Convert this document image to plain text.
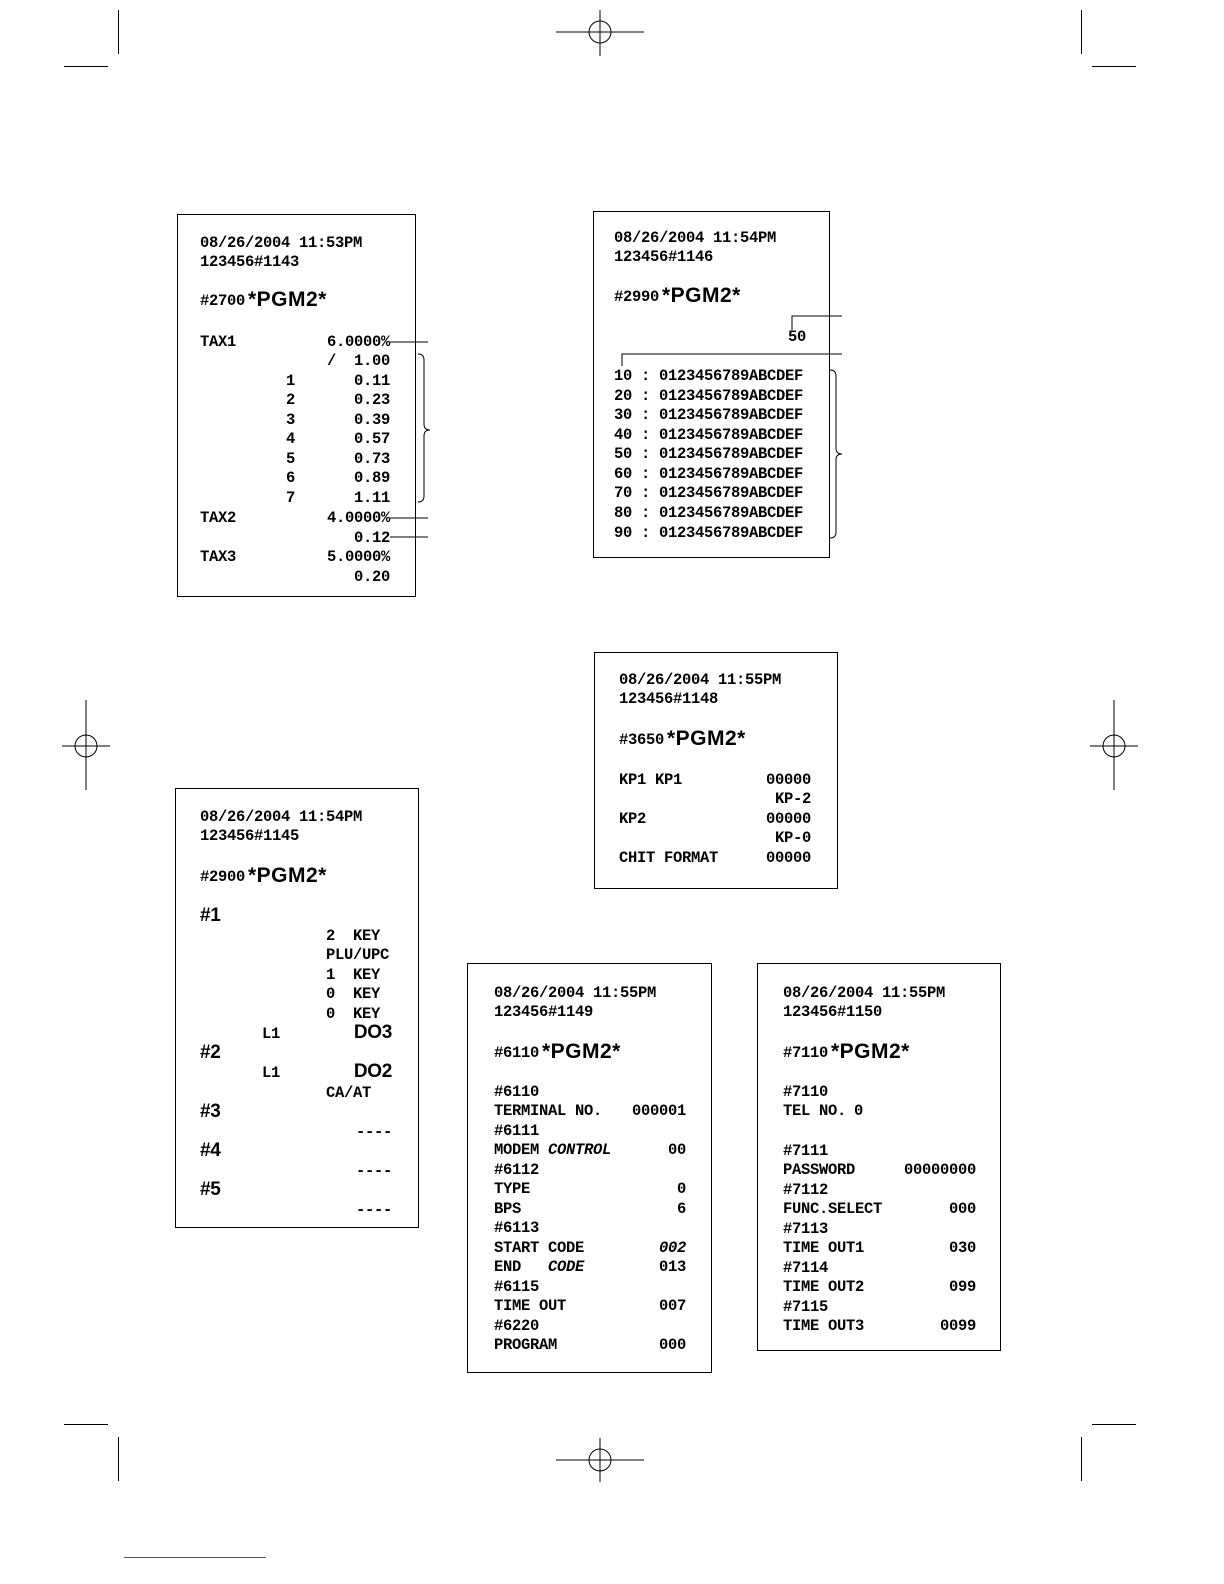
08/26/2004 11:53PM
123456#1143
#2700 *PGM2*
TAX1	6.0000%
/  1.00
1	0.11
2	0.23
3	0.39
4	0.57
5	0.73
6	0.89
7	1.11
TAX2	4.0000%
0.12
TAX3	5.0000%
0.20
08/26/2004 11:54PM
123456#1146
#2990 *PGM2*
50
10 : 0123456789ABCDEF
20 : 0123456789ABCDEF
30 : 0123456789ABCDEF
40 : 0123456789ABCDEF
50 : 0123456789ABCDEF
60 : 0123456789ABCDEF
70 : 0123456789ABCDEF
80 : 0123456789ABCDEF
90 : 0123456789ABCDEF
08/26/2004 11:55PM
123456#1148
#3650 *PGM2*
KP1 KP1	00000
KP-2
KP2	00000
KP-0
CHIT FORMAT	00000
08/26/2004 11:54PM
123456#1145
#2900 *PGM2*
#1
2  KEY
PLU/UPC
1  KEY
0  KEY
0  KEY
L1	DO3
#2
L1	DO2
CA/AT
#3
----
#4
----
#5
----
08/26/2004 11:55PM
123456#1149
#6110 *PGM2*
#6110
TERMINAL NO.	000001
#6111
MODEM CONTROL	00
#6112
TYPE	0
BPS	6
#6113
START CODE	002
END   CODE	013
#6115
TIME OUT	007
#6220
PROGRAM	000
08/26/2004 11:55PM
123456#1150
#7110 *PGM2*
#7110
TEL NO. 0
#7111
PASSWORD	00000000
#7112
FUNC.SELECT	000
#7113
TIME OUT1	030
#7114
TIME OUT2	099
#7115
TIME OUT3	0099
